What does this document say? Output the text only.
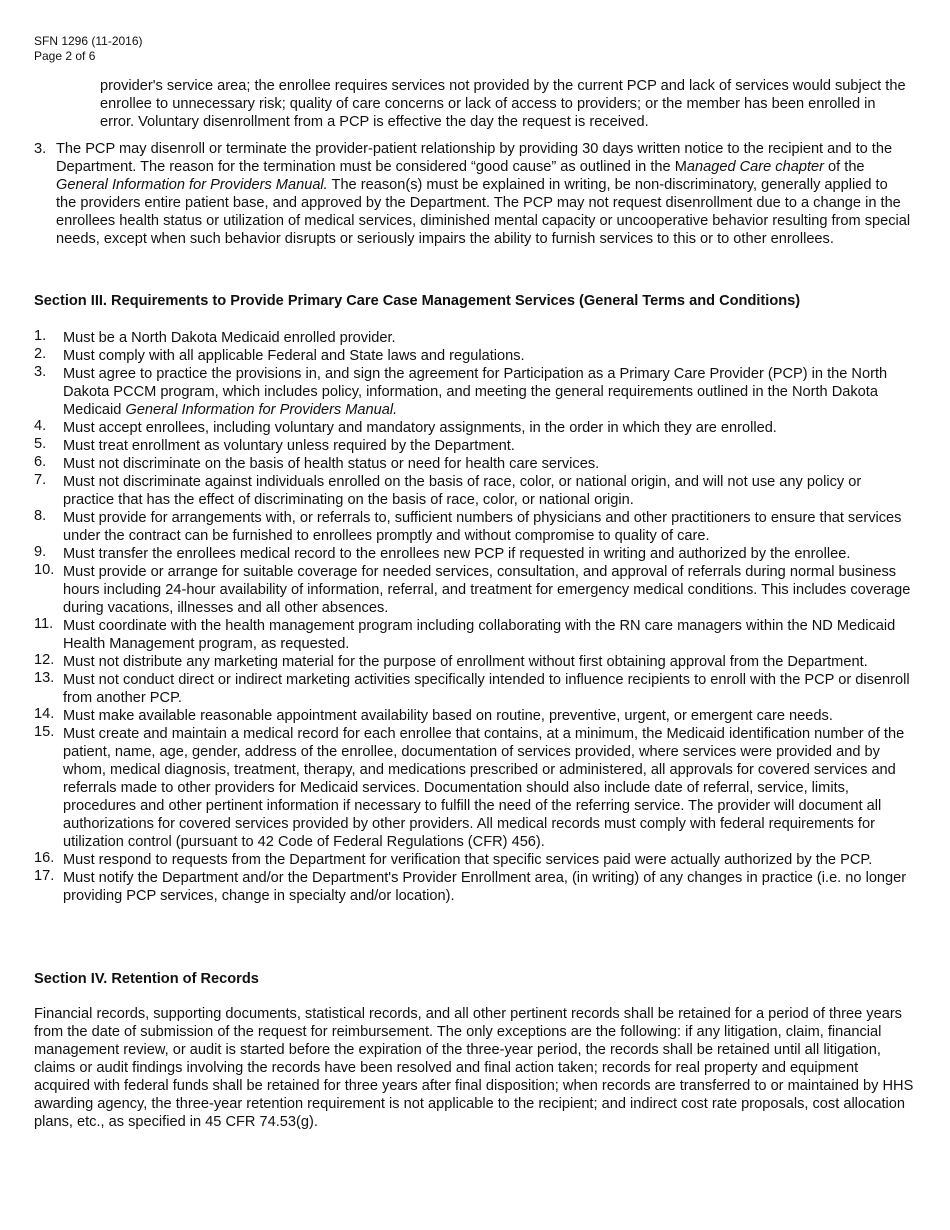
SFN 1296 (11-2016)
Page 2 of 6
provider's service area; the enrollee requires services not provided by the current PCP and lack of services would subject the enrollee to unnecessary risk; quality of care concerns or lack of access to providers; or the member has been enrolled in error. Voluntary disenrollment from a PCP is effective the day the request is received.
3. The PCP may disenroll or terminate the provider-patient relationship by providing 30 days written notice to the recipient and to the Department. The reason for the termination must be considered “good cause” as outlined in the Managed Care chapter of the General Information for Providers Manual. The reason(s) must be explained in writing, be non-discriminatory, generally applied to the providers entire patient base, and approved by the Department. The PCP may not request disenrollment due to a change in the enrollees health status or utilization of medical services, diminished mental capacity or uncooperative behavior resulting from special needs, except when such behavior disrupts or seriously impairs the ability to furnish services to this or to other enrollees.
Section III. Requirements to Provide Primary Care Case Management Services (General Terms and Conditions)
1. Must be a North Dakota Medicaid enrolled provider.
2. Must comply with all applicable Federal and State laws and regulations.
3. Must agree to practice the provisions in, and sign the agreement for Participation as a Primary Care Provider (PCP) in the North Dakota PCCM program, which includes policy, information, and meeting the general requirements outlined in the North Dakota Medicaid General Information for Providers Manual.
4. Must accept enrollees, including voluntary and mandatory assignments, in the order in which they are enrolled.
5. Must treat enrollment as voluntary unless required by the Department.
6. Must not discriminate on the basis of health status or need for health care services.
7. Must not discriminate against individuals enrolled on the basis of race, color, or national origin, and will not use any policy or practice that has the effect of discriminating on the basis of race, color, or national origin.
8. Must provide for arrangements with, or referrals to, sufficient numbers of physicians and other practitioners to ensure that services under the contract can be furnished to enrollees promptly and without compromise to quality of care.
9. Must transfer the enrollees medical record to the enrollees new PCP if requested in writing and authorized by the enrollee.
10. Must provide or arrange for suitable coverage for needed services, consultation, and approval of referrals during normal business hours including 24-hour availability of information, referral, and treatment for emergency medical conditions. This includes coverage during vacations, illnesses and all other absences.
11. Must coordinate with the health management program including collaborating with the RN care managers within the ND Medicaid Health Management program, as requested.
12. Must not distribute any marketing material for the purpose of enrollment without first obtaining approval from the Department.
13. Must not conduct direct or indirect marketing activities specifically intended to influence recipients to enroll with the PCP or disenroll from another PCP.
14. Must make available reasonable appointment availability based on routine, preventive, urgent, or emergent care needs.
15. Must create and maintain a medical record for each enrollee that contains, at a minimum, the Medicaid identification number of the patient, name, age, gender, address of the enrollee, documentation of services provided, where services were provided and by whom, medical diagnosis, treatment, therapy, and medications prescribed or administered, all approvals for covered services and referrals made to other providers for Medicaid services. Documentation should also include date of referral, service, limits, procedures and other pertinent information if necessary to fulfill the need of the referring service. The provider will document all authorizations for covered services provided by other providers. All medical records must comply with federal requirements for utilization control (pursuant to 42 Code of Federal Regulations (CFR) 456).
16. Must respond to requests from the Department for verification that specific services paid were actually authorized by the PCP.
17. Must notify the Department and/or the Department's Provider Enrollment area, (in writing) of any changes in practice (i.e. no longer providing PCP services, change in specialty and/or location).
Section IV. Retention of Records
Financial records, supporting documents, statistical records, and all other pertinent records shall be retained for a period of three years from the date of submission of the request for reimbursement. The only exceptions are the following: if any litigation, claim, financial management review, or audit is started before the expiration of the three-year period, the records shall be retained until all litigation, claims or audit findings involving the records have been resolved and final action taken; records for real property and equipment acquired with federal funds shall be retained for three years after final disposition; when records are transferred to or maintained by HHS awarding agency, the three-year retention requirement is not applicable to the recipient; and indirect cost rate proposals, cost allocation plans, etc., as specified in 45 CFR 74.53(g).
